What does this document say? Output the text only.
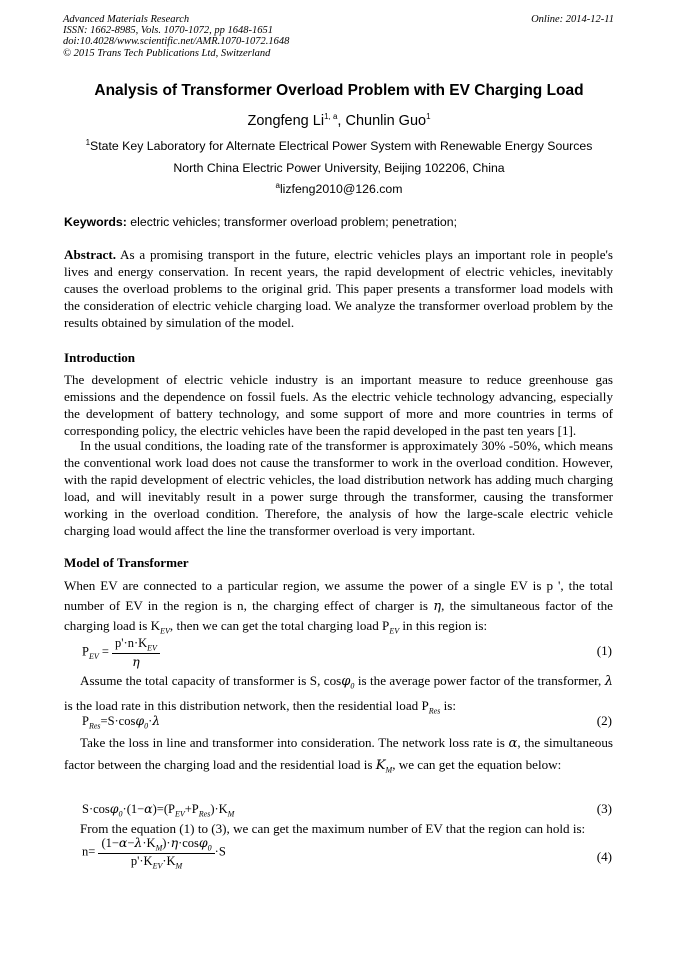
Advanced Materials Research
ISSN: 1662-8985, Vols. 1070-1072, pp 1648-1651
doi:10.4028/www.scientific.net/AMR.1070-1072.1648
© 2015 Trans Tech Publications Ltd, Switzerland
Online: 2014-12-11
Analysis of Transformer Overload Problem with EV Charging Load
Zongfeng Li$^{1, a}$, Chunlin Guo$^1$
$^1$State Key Laboratory for Alternate Electrical Power System with Renewable Energy Sources
North China Electric Power University, Beijing 102206, China
$^a$lizfeng2010@126.com
Keywords: electric vehicles; transformer overload problem; penetration;
Abstract. As a promising transport in the future, electric vehicles plays an important role in people's lives and energy conservation. In recent years, the rapid development of electric vehicles, inevitably causes the overload problems to the original grid. This paper presents a transformer load models with the consideration of electric vehicle charging load. We analyze the transformer overload problem by the results obtained by simulation of the model.
Introduction
The development of electric vehicle industry is an important measure to reduce greenhouse gas emissions and the dependence on fossil fuels. As the electric vehicle technology advancing, especially the development of battery technology, and some support of more and more countries in terms of corresponding policy, the electric vehicles have been the rapid developed in the past ten years [1].
In the usual conditions, the loading rate of the transformer is approximately 30% -50%, which means the conventional work load does not cause the transformer to work in the overload condition. However, with the rapid development of electric vehicles, the load distribution network has adding much charging load, and will inevitably result in a power surge through the transformer, causing the transformer working in the overload condition. Therefore, the analysis of how the large-scale electric vehicle charging load would affect the line the transformer overload is very important.
Model of Transformer
When EV are connected to a particular region, we assume the power of a single EV is p ', the total number of EV in the region is n, the charging effect of charger is η, the simultaneous factor of the charging load is $K_{EV}$, then we can get the total charging load $P_{EV}$ in this region is:
$P_{EV} = \frac{p'\cdot n\cdot K_{EV}}{\eta}$	(1)
Assume the total capacity of transformer is S, cosφ$_0$ is the average power factor of the transformer, λ is the load rate in this distribution network, then the residential load $P_{Res}$ is:
$P_{Res}=S\cdot\cos\varphi_0\cdot\lambda$	(2)
Take the loss in line and transformer into consideration. The network loss rate is α, the simultaneous factor between the charging load and the residential load is $K_M$, we can get the equation below:
$S\cdot\cos\varphi_0\cdot(1-\alpha)=(P_{EV}+P_{Res})\cdot K_M$	(3)
From the equation (1) to (3), we can get the maximum number of EV that the region can hold is:
$n= \frac{(1-\alpha-\lambda\cdot K_M)\cdot\eta\cdot\cos\varphi_0}{p'\cdot K_{EV}\cdot K_M} \cdot S$	(4)
